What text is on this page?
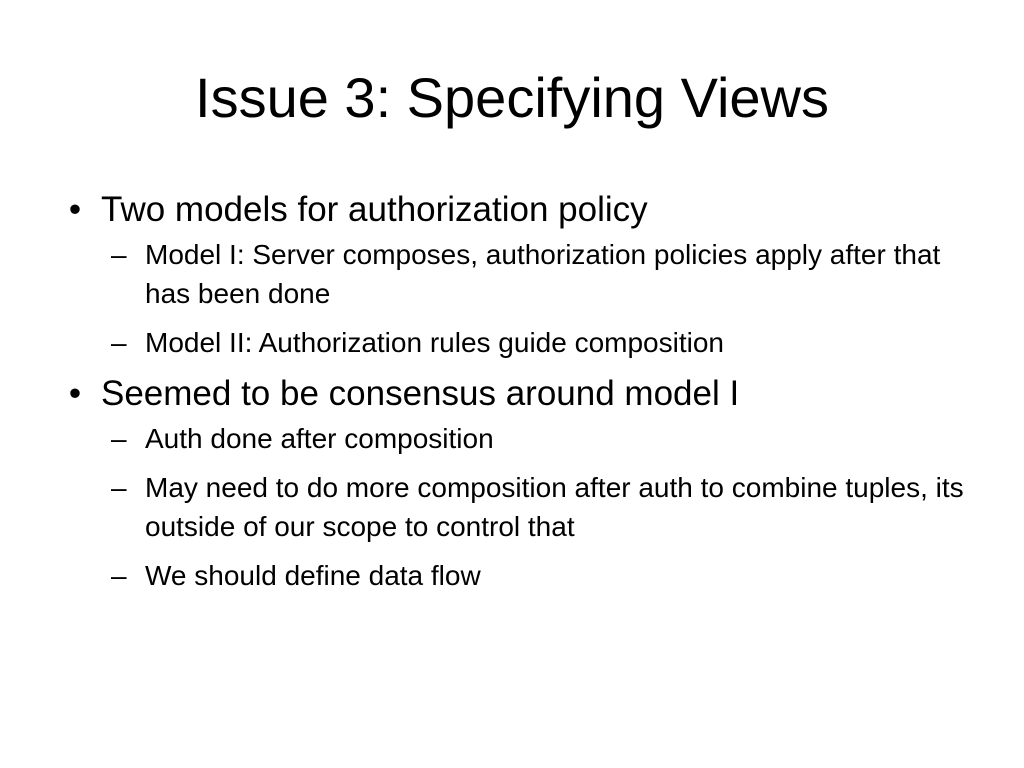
Issue 3: Specifying Views
• Two models for authorization policy
– Model I: Server composes, authorization policies apply after that has been done
– Model II: Authorization rules guide composition
• Seemed to be consensus around model I
– Auth done after composition
– May need to do more composition after auth to combine tuples, its outside of our scope to control that
– We should define data flow
